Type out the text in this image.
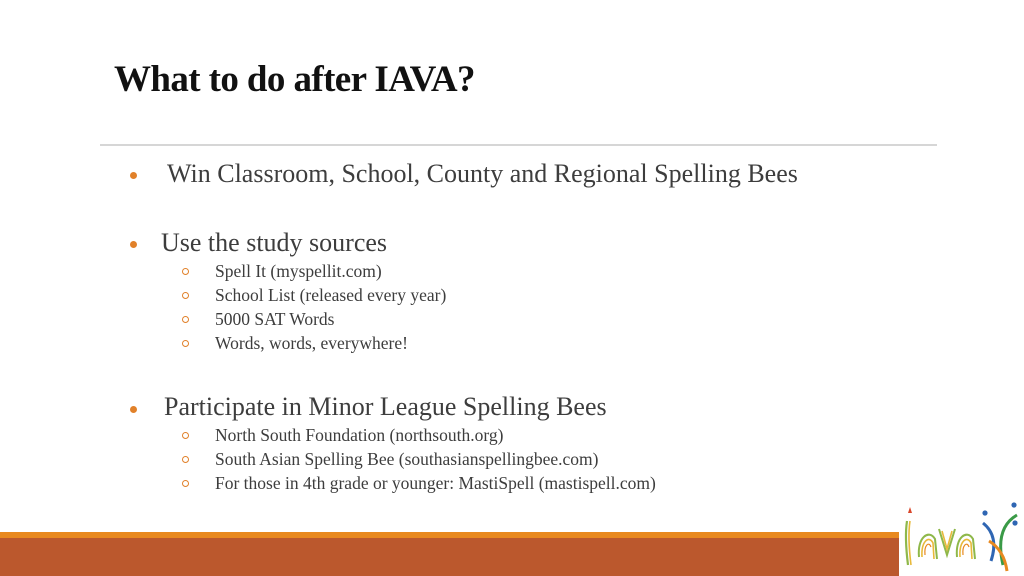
What to do after IAVA?
Win Classroom, School, County and Regional Spelling Bees
Use the study sources
Spell It (myspellit.com)
School List (released every year)
5000 SAT Words
Words, words, everywhere!
Participate in Minor League Spelling Bees
North South Foundation (northsouth.org)
South Asian Spelling Bee (southasianspellingbee.com)
For those in 4th grade or younger: MastiSpell (mastispell.com)
